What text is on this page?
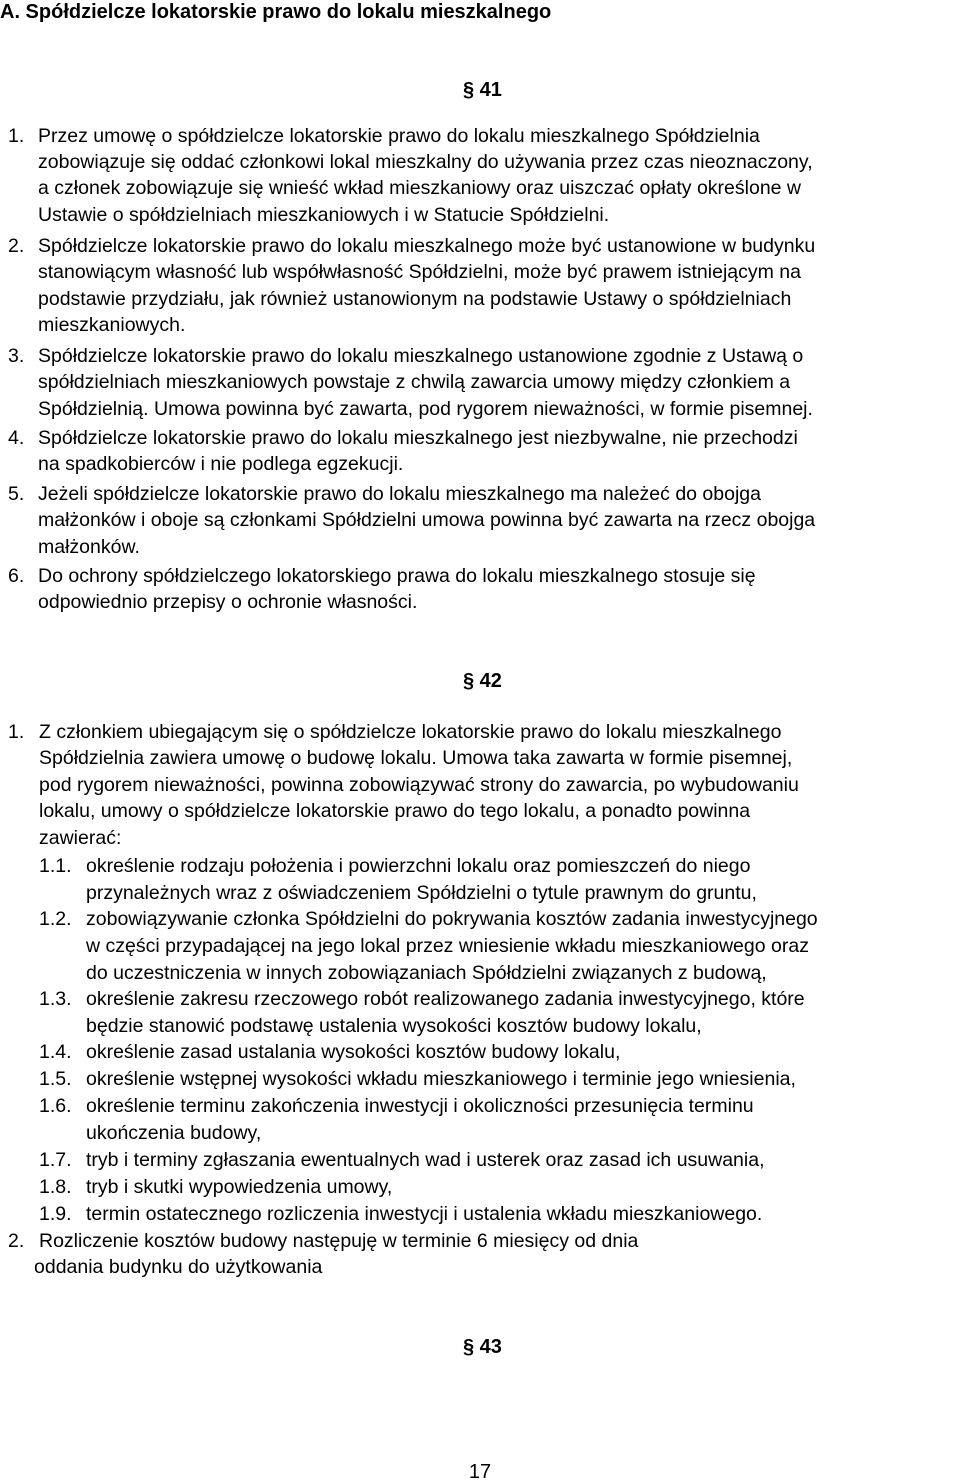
A. Spółdzielcze lokatorskie prawo do lokalu mieszkalnego
§ 41
1. Przez umowę o spółdzielcze lokatorskie prawo do lokalu mieszkalnego Spółdzielnia
zobowiązuje się oddać członkowi lokal mieszkalny do używania przez czas nieoznaczony,
a członek zobowiązuje się wnieść wkład mieszkaniowy oraz uiszczać opłaty określone w
Ustawie o spółdzielniach mieszkaniowych i w Statucie Spółdzielni.
2. Spółdzielcze lokatorskie prawo do lokalu mieszkalnego może być ustanowione w budynku
stanowiącym własność lub współwłasność Spółdzielni, może być prawem istniejącym na
podstawie przydziału, jak również ustanowionym na podstawie Ustawy o spółdzielniach
mieszkaniowych.
3. Spółdzielcze lokatorskie prawo do lokalu mieszkalnego ustanowione zgodnie z Ustawą o
spółdzielniach mieszkaniowych powstaje z chwilą zawarcia umowy między członkiem a
Spółdzielnią. Umowa powinna być zawarta, pod rygorem nieważności, w formie pisemnej.
4. Spółdzielcze lokatorskie prawo do lokalu mieszkalnego jest niezbywalne, nie przechodzi
na spadkobierców i nie podlega egzekucji.
5. Jeżeli spółdzielcze lokatorskie prawo do lokalu mieszkalnego ma należeć do obojga
małżonków i oboje są członkami Spółdzielni umowa powinna być zawarta na rzecz obojga
małżonków.
6. Do ochrony spółdzielczego lokatorskiego prawa do lokalu mieszkalnego stosuje się
odpowiednio przepisy o ochronie własności.
§ 42
1. Z członkiem ubiegającym się o spółdzielcze lokatorskie prawo do lokalu mieszkalnego
Spółdzielnia zawiera umowę o budowę lokalu. Umowa taka zawarta w formie pisemnej,
pod rygorem nieważności, powinna zobowiązywać strony do zawarcia, po wybudowaniu
lokalu, umowy o spółdzielcze lokatorskie prawo do tego lokalu, a ponadto powinna
zawierać:
1.1. określenie rodzaju położenia i powierzchni lokalu oraz pomieszczeń do niego
przynależnych wraz z oświadczeniem Spółdzielni o tytule prawnym do gruntu,
1.2. zobowiązywanie członka Spółdzielni do pokrywania kosztów zadania inwestycyjnego
w części przypadającej na jego lokal przez wniesienie wkładu mieszkaniowego oraz
do uczestniczenia w innych zobowiązaniach Spółdzielni związanych z budową,
1.3. określenie zakresu rzeczowego robót realizowanego zadania inwestycyjnego, które
będzie stanowić podstawę ustalenia wysokości kosztów budowy lokalu,
1.4. określenie zasad ustalania wysokości kosztów budowy lokalu,
1.5. określenie wstępnej wysokości wkładu mieszkaniowego i terminie jego wniesienia,
1.6. określenie terminu zakończenia inwestycji i okoliczności przesunięcia terminu
ukończenia budowy,
1.7. tryb i terminy zgłaszania ewentualnych wad i usterek oraz zasad ich usuwania,
1.8. tryb i skutki wypowiedzenia umowy,
1.9. termin ostatecznego rozliczenia inwestycji i ustalenia wkładu mieszkaniowego.
2. Rozliczenie kosztów budowy następuję w terminie 6 miesięcy od dnia
oddania budynku do użytkowania
§ 43
17
